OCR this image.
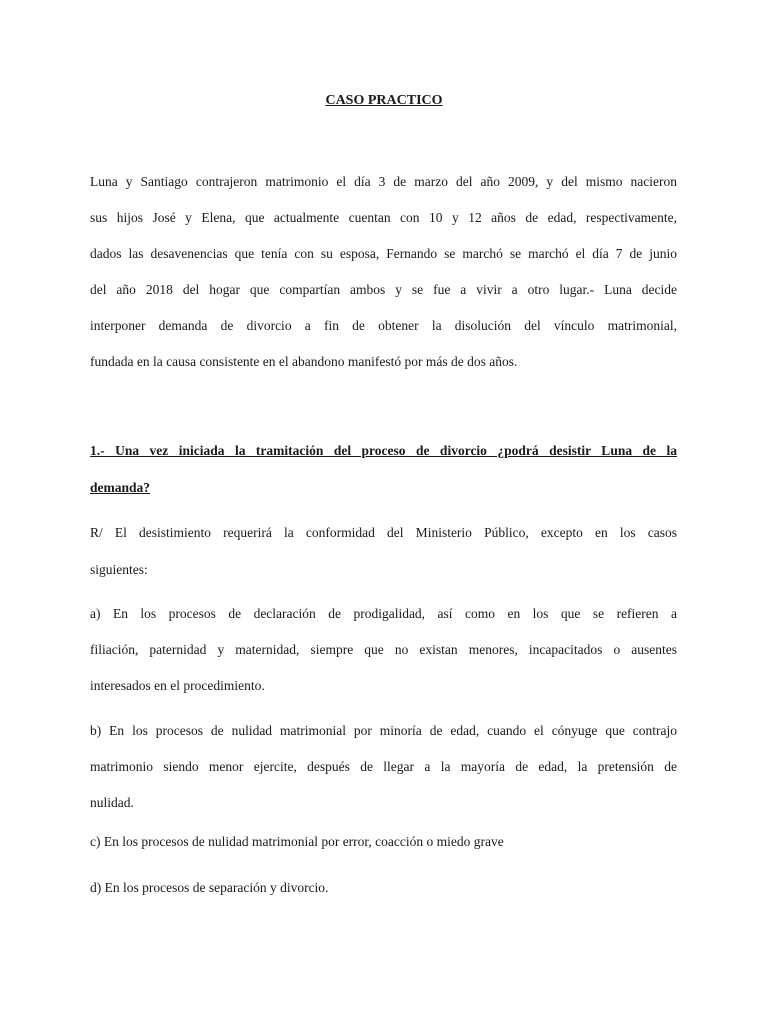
CASO PRACTICO

Luna y Santiago contrajeron matrimonio el día 3 de marzo del año 2009, y del mismo nacieron

sus hijos José y Elena, que actualmente cuentan con 10 y 12 años de edad, respectivamente,

dados las desavenencias que tenía con su esposa, Fernando se marchó se marchó el día 7 de junio

del año 2018 del hogar que compartían ambos y se fue a vivir a otro lugar.- Luna decide

interponer demanda de divorcio a fin de obtener la disolución del vínculo matrimonial,

fundada en la causa consistente en el abandono manifestó por más de dos años.

1.- Una vez iniciada la tramitación del proceso de divorcio ¿podrá desistir Luna de la

demanda?

R/ El desistimiento requerirá la conformidad del Ministerio Público, excepto en los casos

siguientes:

a) En los procesos de declaración de prodigalidad, así como en los que se refieren a

filiación, paternidad y maternidad, siempre que no existan menores, incapacitados o ausentes

interesados en el procedimiento.

b) En los procesos de nulidad matrimonial por minoría de edad, cuando el cónyuge que contrajo

matrimonio siendo menor ejercite, después de llegar a la mayoría de edad, la pretensión de

nulidad.

c) En los procesos de nulidad matrimonial por error, coacción o miedo grave

d) En los procesos de separación y divorcio.
